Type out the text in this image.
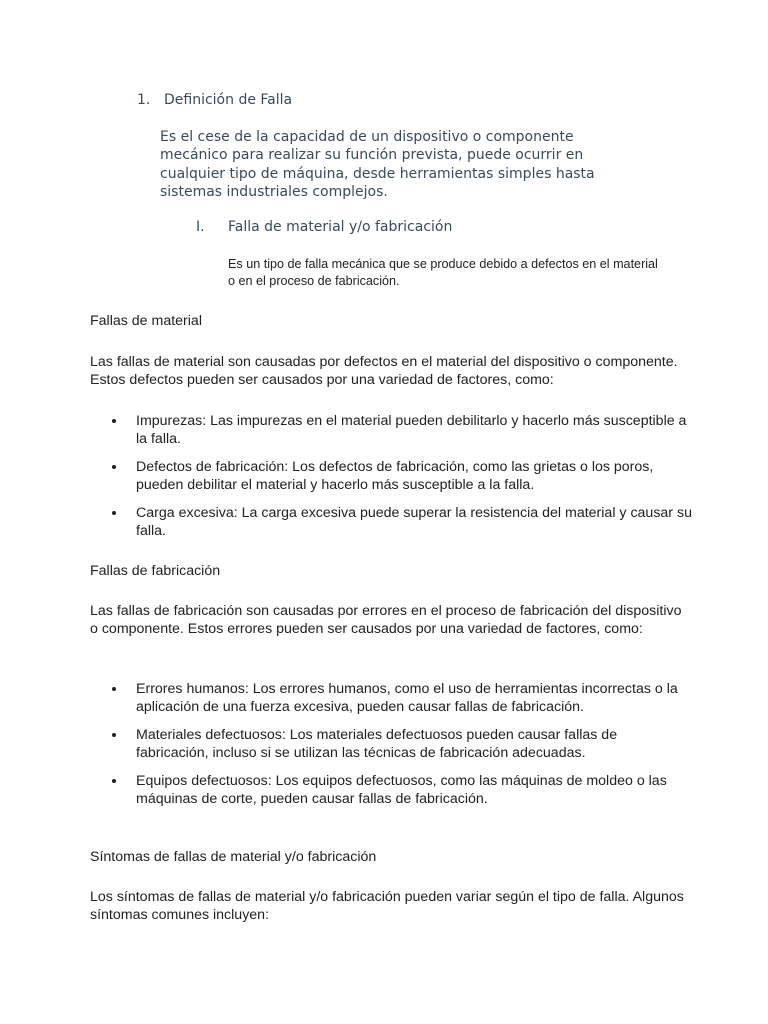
1. Definición de Falla

Es el cese de la capacidad de un dispositivo o componente mecánico para realizar su función prevista, puede ocurrir en cualquier tipo de máquina, desde herramientas simples hasta sistemas industriales complejos.

I. Falla de material y/o fabricación

Es un tipo de falla mecánica que se produce debido a defectos en el material o en el proceso de fabricación.

Fallas de material

Las fallas de material son causadas por defectos en el material del dispositivo o componente. Estos defectos pueden ser causados por una variedad de factores, como:

Impurezas: Las impurezas en el material pueden debilitarlo y hacerlo más susceptible a la falla.
Defectos de fabricación: Los defectos de fabricación, como las grietas o los poros, pueden debilitar el material y hacerlo más susceptible a la falla.
Carga excesiva: La carga excesiva puede superar la resistencia del material y causar su falla.

Fallas de fabricación

Las fallas de fabricación son causadas por errores en el proceso de fabricación del dispositivo o componente. Estos errores pueden ser causados por una variedad de factores, como:

Errores humanos: Los errores humanos, como el uso de herramientas incorrectas o la aplicación de una fuerza excesiva, pueden causar fallas de fabricación.
Materiales defectuosos: Los materiales defectuosos pueden causar fallas de fabricación, incluso si se utilizan las técnicas de fabricación adecuadas.
Equipos defectuosos: Los equipos defectuosos, como las máquinas de moldeo o las máquinas de corte, pueden causar fallas de fabricación.

Síntomas de fallas de material y/o fabricación

Los síntomas de fallas de material y/o fabricación pueden variar según el tipo de falla. Algunos síntomas comunes incluyen:
